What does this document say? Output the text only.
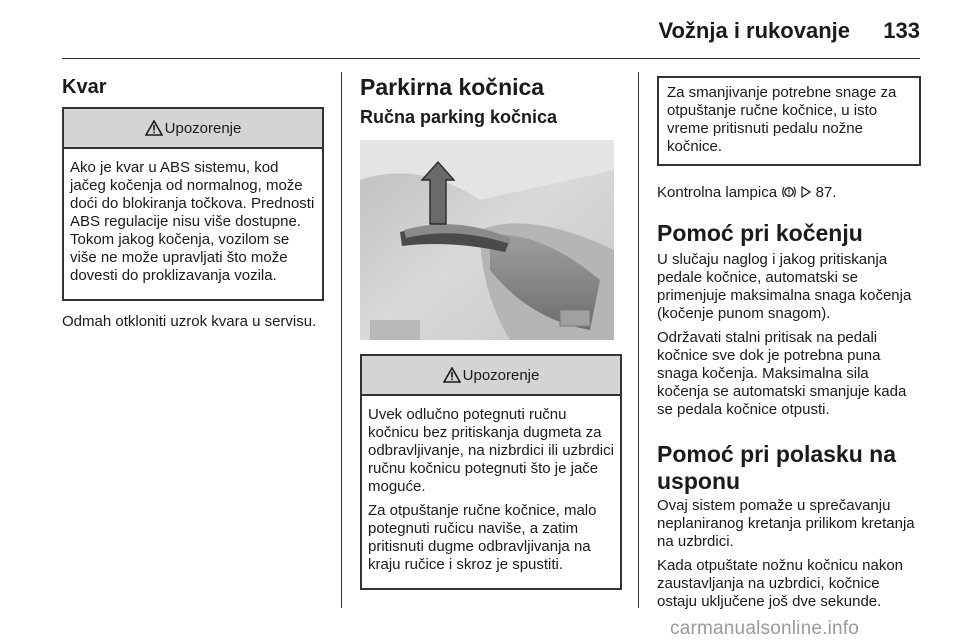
Vožnja i rukovanje 133
Kvar
Upozorenje

Ako je kvar u ABS sistemu, kod jačeg kočenja od normalnog, može doći do blokiranja točkova. Prednosti ABS regulacije nisu više dostupne. Tokom jakog kočenja, vozilom se više ne može upravljati što može dovesti do proklizavanja vozila.

Odmah otkloniti uzrok kvara u servisu.

Parkirna kočnica
Ručna parking kočnica
Upozorenje

Uvek odlučno potegnuti ručnu kočnicu bez pritiskanja dugmeta za odbravljivanje, na nizbrdici ili uzbrdici ručnu kočnicu potegnuti što je jače moguće.

Za otpuštanje ručne kočnice, malo potegnuti ručicu naviše, a zatim pritisnuti dugme odbravljivanja na kraju ručice i skroz je spustiti.

Za smanjivanje potrebne snage za otpuštanje ručne kočnice, u isto vreme pritisnuti pedalu nožne kočnice.

Kontrolna lampica	87.

Pomoć pri kočenju

U slučaju naglog i jakog pritiskanja pedale kočnice, automatski se primenjuje maksimalna snaga kočenja (kočenje punom snagom).

Održavati stalni pritisak na pedali kočnice sve dok je potrebna puna snaga kočenja. Maksimalna sila kočenja se automatski smanjuje kada se pedala kočnice otpusti.

Pomoć pri polasku na
usponu

Ovaj sistem pomaže u sprečavanju neplaniranog kretanja prilikom kretanja na uzbrdici.

Kada otpuštate nožnu kočnicu nakon zaustavljanja na uzbrdici, kočnice ostaju uključene još dve sekunde.

carmanualsonline.info
